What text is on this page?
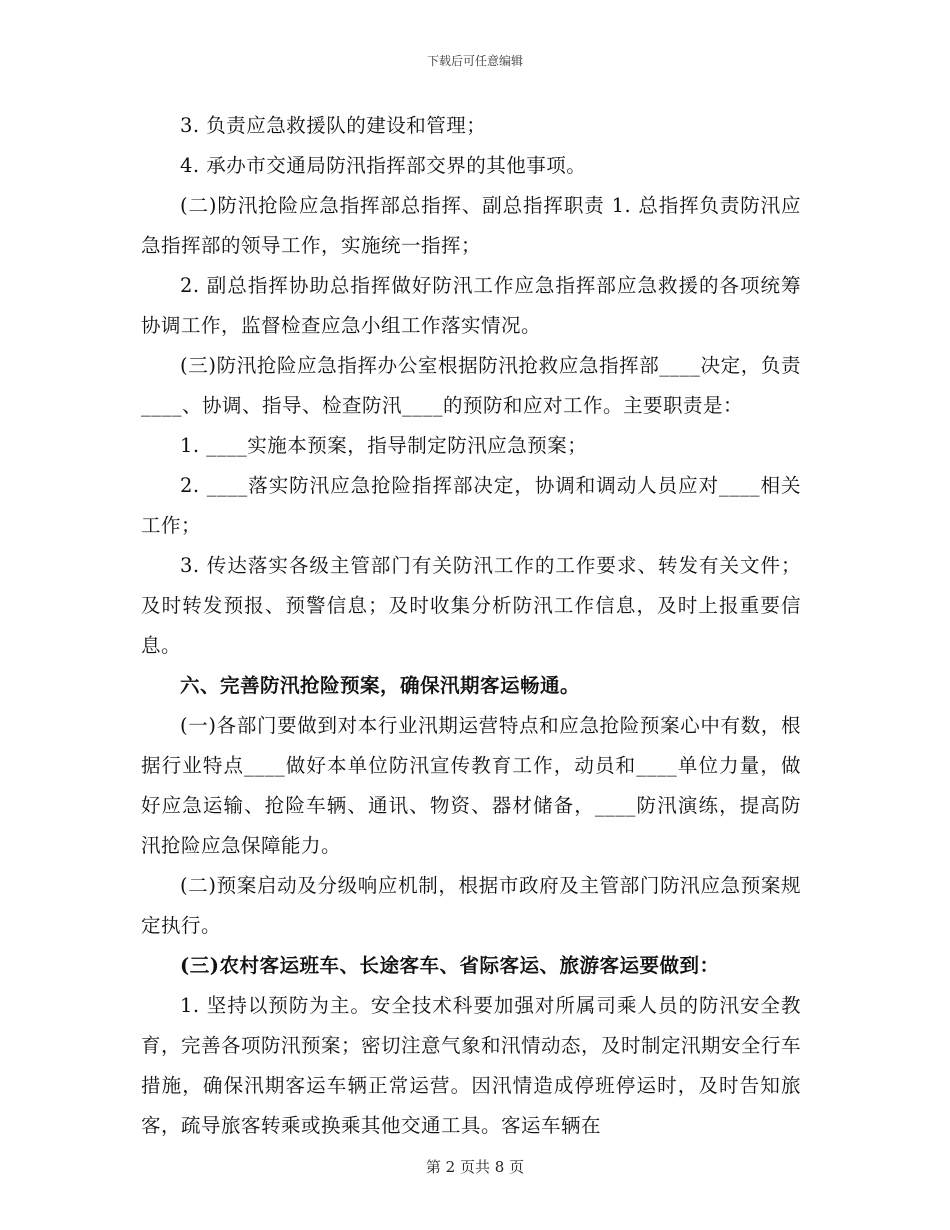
下载后可任意编辑

3. 负责应急救援队的建设和管理；

4. 承办市交通局防汛指挥部交界的其他事项。

(二)防汛抢险应急指挥部总指挥、副总指挥职责 1. 总指挥负责防汛应急指挥部的领导工作，实施统一指挥；

2. 副总指挥协助总指挥做好防汛工作应急指挥部应急救援的各项统筹协调工作，监督检查应急小组工作落实情况。

(三)防汛抢险应急指挥办公室根据防汛抢救应急指挥部____决定，负责____、协调、指导、检查防汛____的预防和应对工作。主要职责是：

1. ____实施本预案，指导制定防汛应急预案；

2. ____落实防汛应急抢险指挥部决定，协调和调动人员应对____相关工作；

3. 传达落实各级主管部门有关防汛工作的工作要求、转发有关文件；及时转发预报、预警信息；及时收集分析防汛工作信息，及时上报重要信息。

六、完善防汛抢险预案，确保汛期客运畅通。

(一)各部门要做到对本行业汛期运营特点和应急抢险预案心中有数，根据行业特点____做好本单位防汛宣传教育工作，动员和____单位力量，做好应急运输、抢险车辆、通讯、物资、器材储备，____防汛演练，提高防汛抢险应急保障能力。

(二)预案启动及分级响应机制，根据市政府及主管部门防汛应急预案规定执行。

(三)农村客运班车、长途客车、省际客运、旅游客运要做到：

1. 坚持以预防为主。安全技术科要加强对所属司乘人员的防汛安全教育，完善各项防汛预案；密切注意气象和汛情动态，及时制定汛期安全行车措施，确保汛期客运车辆正常运营。因汛情造成停班停运时，及时告知旅客，疏导旅客转乘或换乘其他交通工具。客运车辆在

第 2 页共 8 页
